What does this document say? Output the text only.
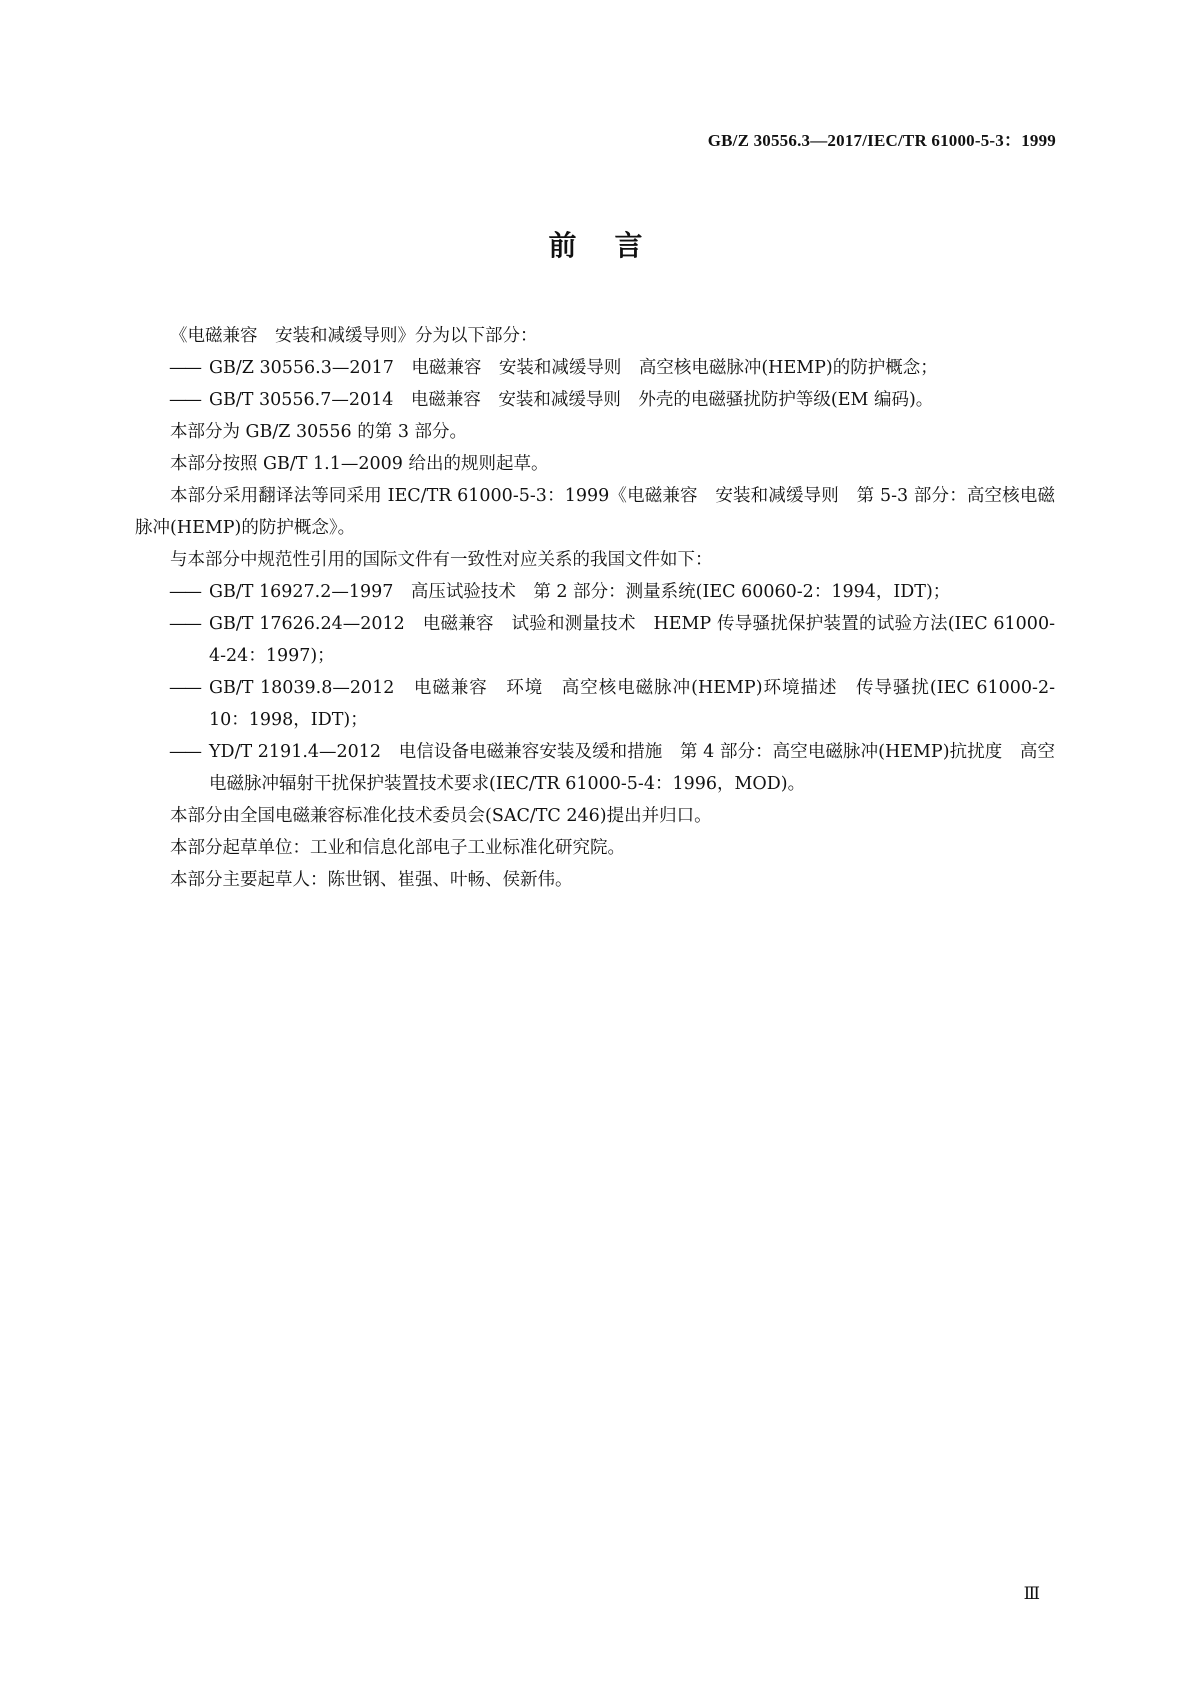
GB/Z 30556.3—2017/IEC/TR 61000-5-3：1999
前言

《电磁兼容　安装和减缓导则》分为以下部分：

—— GB/Z 30556.3—2017　电磁兼容　安装和减缓导则　高空核电磁脉冲(HEMP)的防护概念；

—— GB/T 30556.7—2014　电磁兼容　安装和减缓导则　外壳的电磁骚扰防护等级(EM 编码)。

本部分为 GB/Z 30556 的第 3 部分。

本部分按照 GB/T 1.1—2009 给出的规则起草。

本部分采用翻译法等同采用 IEC/TR 61000-5-3：1999《电磁兼容　安装和减缓导则　第 5-3 部分：高空核电磁脉冲(HEMP)的防护概念》。

与本部分中规范性引用的国际文件有一致性对应关系的我国文件如下：

—— GB/T 16927.2—1997　高压试验技术　第 2 部分：测量系统(IEC 60060-2：1994，IDT)；

—— GB/T 17626.24—2012　电磁兼容　试验和测量技术　HEMP 传导骚扰保护装置的试验方法(IEC 61000-4-24：1997)；

—— GB/T 18039.8—2012　电磁兼容　环境　高空核电磁脉冲(HEMP)环境描述　传导骚扰(IEC 61000-2-10：1998，IDT)；

—— YD/T 2191.4—2012　电信设备电磁兼容安装及缓和措施　第 4 部分：高空电磁脉冲(HEMP)抗扰度　高空电磁脉冲辐射干扰保护装置技术要求(IEC/TR 61000-5-4：1996，MOD)。

本部分由全国电磁兼容标准化技术委员会(SAC/TC 246)提出并归口。

本部分起草单位：工业和信息化部电子工业标准化研究院。

本部分主要起草人：陈世钢、崔强、叶畅、侯新伟。

Ⅲ
